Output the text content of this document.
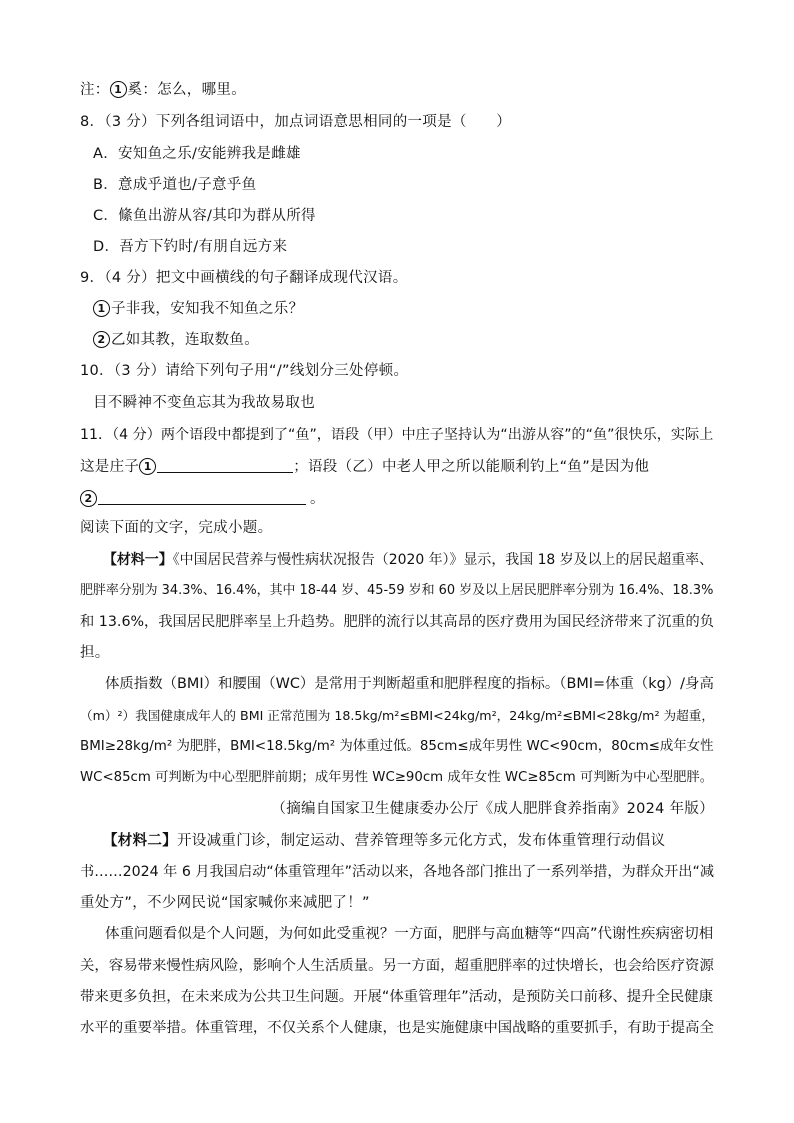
注： 1 奚：怎么，哪里。
8．（3 分）下列各组词语中，加点词语意思相同的一项是（　　）
A．安知鱼之乐/安能辨我是雌雄
B．意成乎道也/子意乎鱼
C．絛鱼出游从容/其印为群从所得
D．吾方下钓时/有朋自远方来
9．（4 分）把文中画横线的句子翻译成现代汉语。
1 子非我，安知我不知鱼之乐？
2 乙如其教，连取数鱼。
10．（3 分）请给下列句子用“/”线划分三处停顿。
目不瞬神不变鱼忘其为我故易取也
11．（4 分）两个语段中都提到了“鱼”，语段（甲）中庄子坚持认为“出游从容”的“鱼”很快乐，实际上
这是庄子 1	；语段（乙）中老人甲之所以能顺利钓上“鱼”是因为他
2	。
阅读下面的文字，完成小题。
【材料一】《中国居民营养与慢性病状况报告（2020 年）》显示，我国 18 岁及以上的居民超重率、
肥胖率分别为 34.3%、16.4%，其中 18-44 岁、45-59 岁和 60 岁及以上居民肥胖率分别为 16.4%、18.3%
和 13.6%，我国居民肥胖率呈上升趋势。肥胖的流行以其高昂的医疗费用为国民经济带来了沉重的负
担。
体质指数（BMI）和腰围（WC）是常用于判断超重和肥胖程度的指标。（BMI=体重（kg）/身高
（m）²）我国健康成年人的 BMI 正常范围为 18.5kg/m²≤BMI<24kg/m²，24kg/m²≤BMI<28kg/m² 为超重，
BMI≥28kg/m² 为肥胖，BMI<18.5kg/m² 为体重过低。85cm≤成年男性 WC<90cm，80cm≤成年女性
WC<85cm 可判断为中心型肥胖前期；成年男性 WC≥90cm 成年女性 WC≥85cm 可判断为中心型肥胖。
（摘编自国家卫生健康委办公厅《成人肥胖食养指南》2024 年版）
【材料二】开设减重门诊，制定运动、营养管理等多元化方式，发布体重管理行动倡议
书……2024 年 6 月我国启动“体重管理年”活动以来，各地各部门推出了一系列举措，为群众开出“减
重处方”，不少网民说“国家喊你来减肥了！”
体重问题看似是个人问题，为何如此受重视？一方面，肥胖与高血糖等“四高”代谢性疾病密切相
关，容易带来慢性病风险，影响个人生活质量。另一方面，超重肥胖率的过快增长，也会给医疗资源
带来更多负担，在未来成为公共卫生问题。开展“体重管理年”活动，是预防关口前移、提升全民健康
水平的重要举措。体重管理，不仅关系个人健康，也是实施健康中国战略的重要抓手，有助于提高全
